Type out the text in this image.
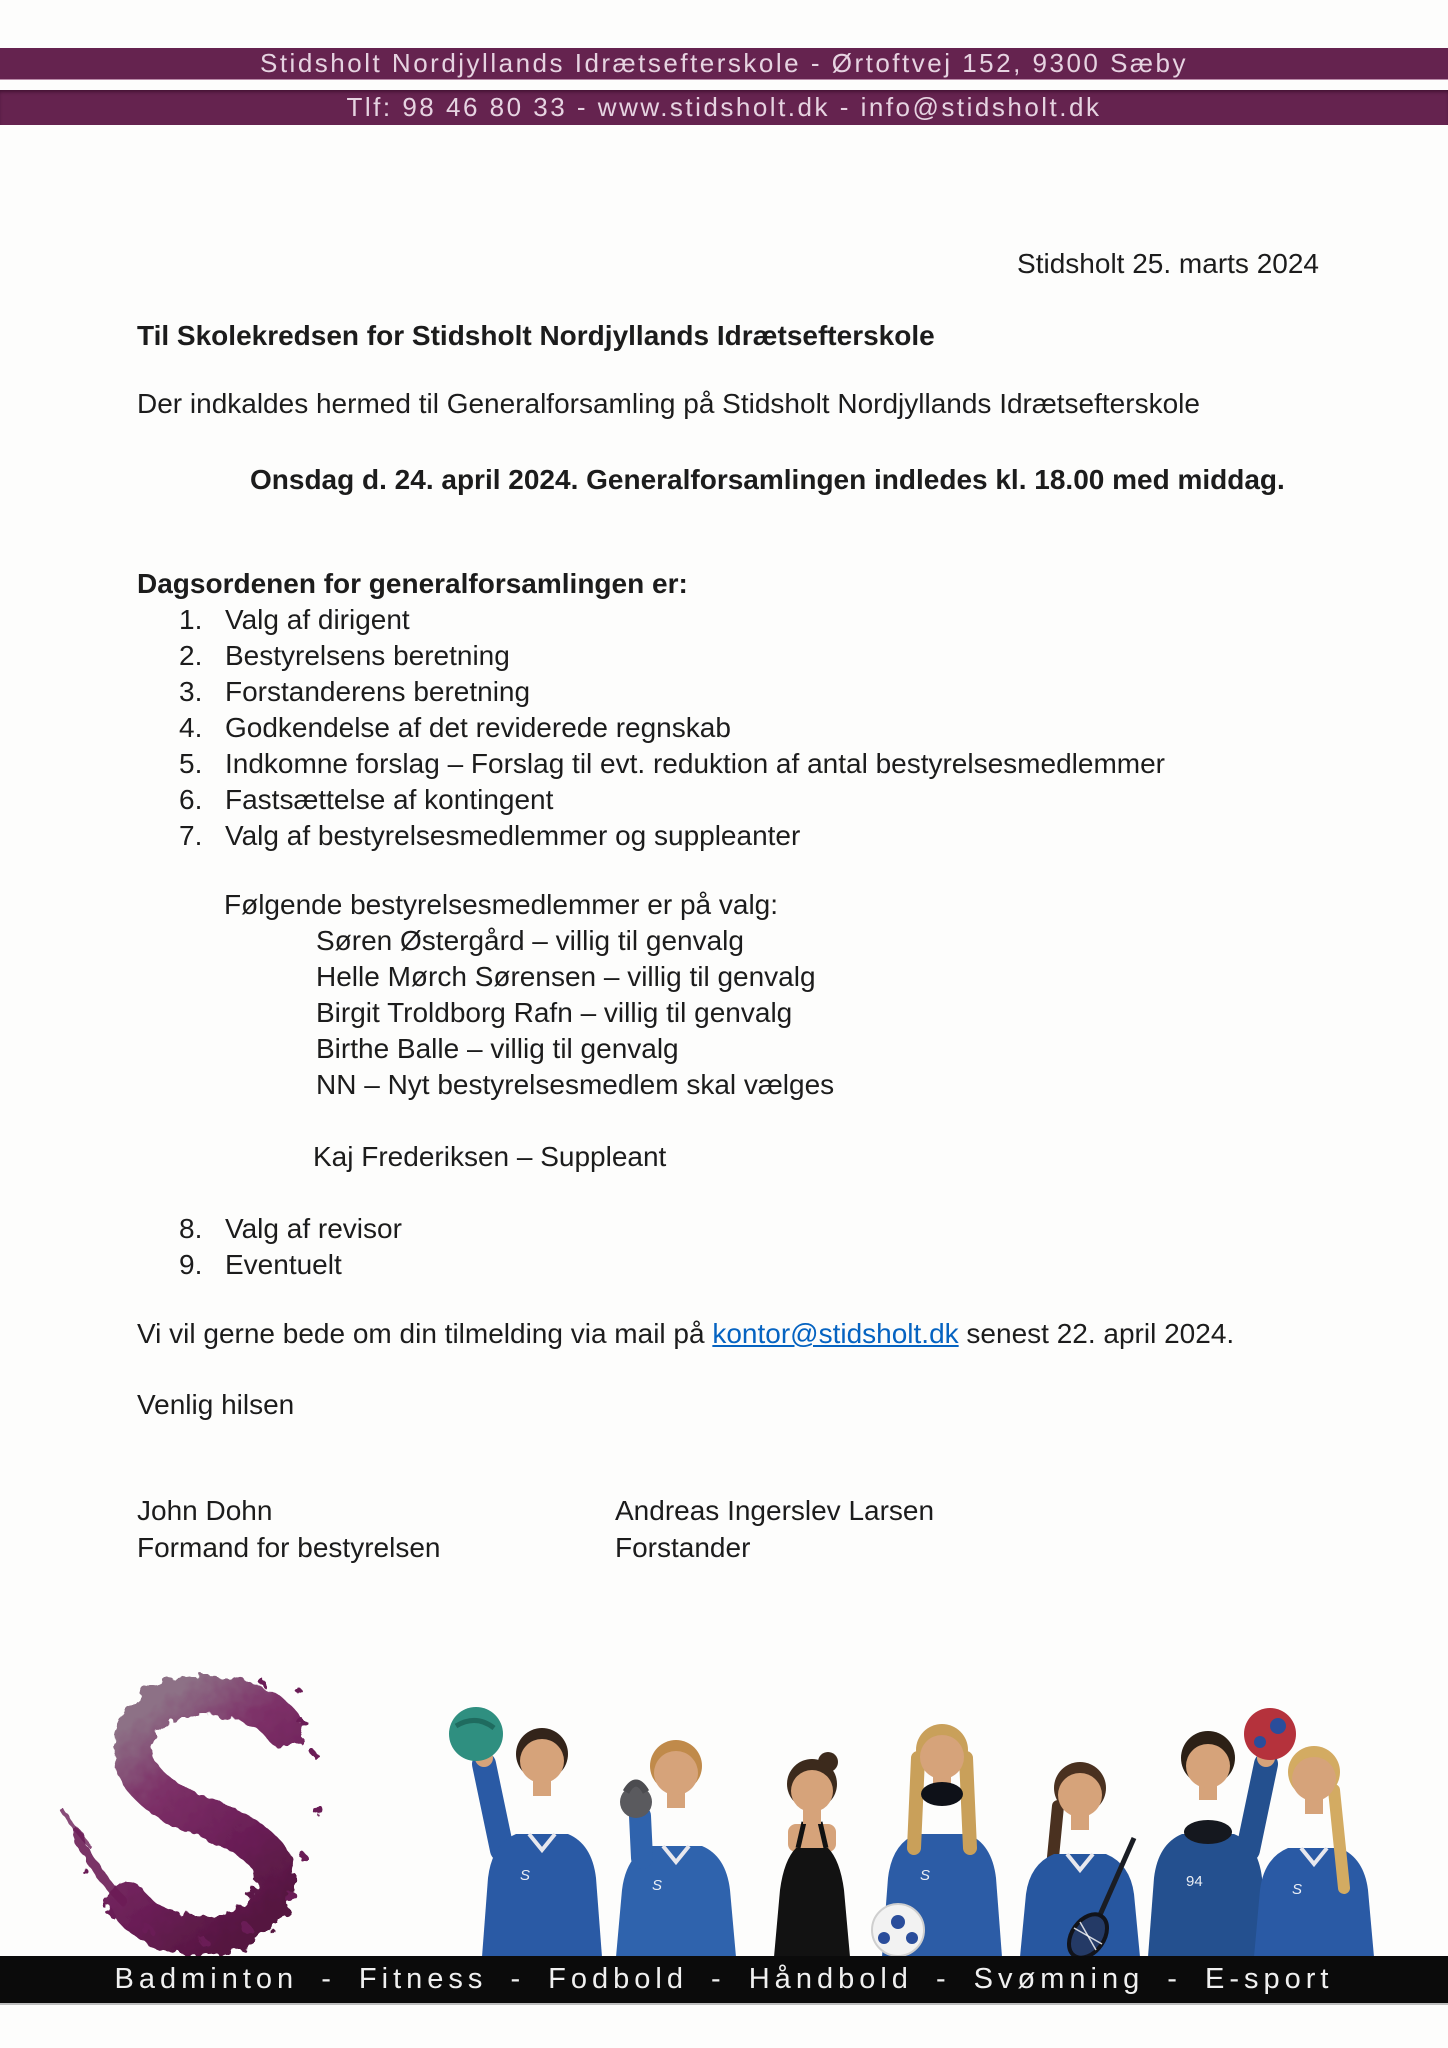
Stidsholt Nordjyllands Idrætsefterskole - Ørtoftvej 152, 9300 Sæby
Tlf: 98 46 80 33 - www.stidsholt.dk - info@stidsholt.dk
Stidsholt 25. marts 2024
Til Skolekredsen for Stidsholt Nordjyllands Idrætsefterskole
Der indkaldes hermed til Generalforsamling på Stidsholt Nordjyllands Idrætsefterskole
Onsdag d. 24. april 2024. Generalforsamlingen indledes kl. 18.00 med middag.
Dagsordenen for generalforsamlingen er:
1. Valg af dirigent
2. Bestyrelsens beretning
3. Forstanderens beretning
4. Godkendelse af det reviderede regnskab
5. Indkomne forslag – Forslag til evt. reduktion af antal bestyrelsesmedlemmer
6. Fastsættelse af kontingent
7. Valg af bestyrelsesmedlemmer og suppleanter
Følgende bestyrelsesmedlemmer er på valg:
Søren Østergård – villig til genvalg
Helle Mørch Sørensen – villig til genvalg
Birgit Troldborg Rafn – villig til genvalg
Birthe Balle – villig til genvalg
NN – Nyt bestyrelsesmedlem skal vælges
Kaj Frederiksen – Suppleant
8. Valg af revisor
9. Eventuelt
Vi vil gerne bede om din tilmelding via mail på kontor@stidsholt.dk senest 22. april 2024.
Venlig hilsen
John Dohn
Formand for bestyrelsen
Andreas Ingerslev Larsen
Forstander
S
S
S	94	S
Badminton - Fitness - Fodbold - Håndbold - Svømning - E-sport
